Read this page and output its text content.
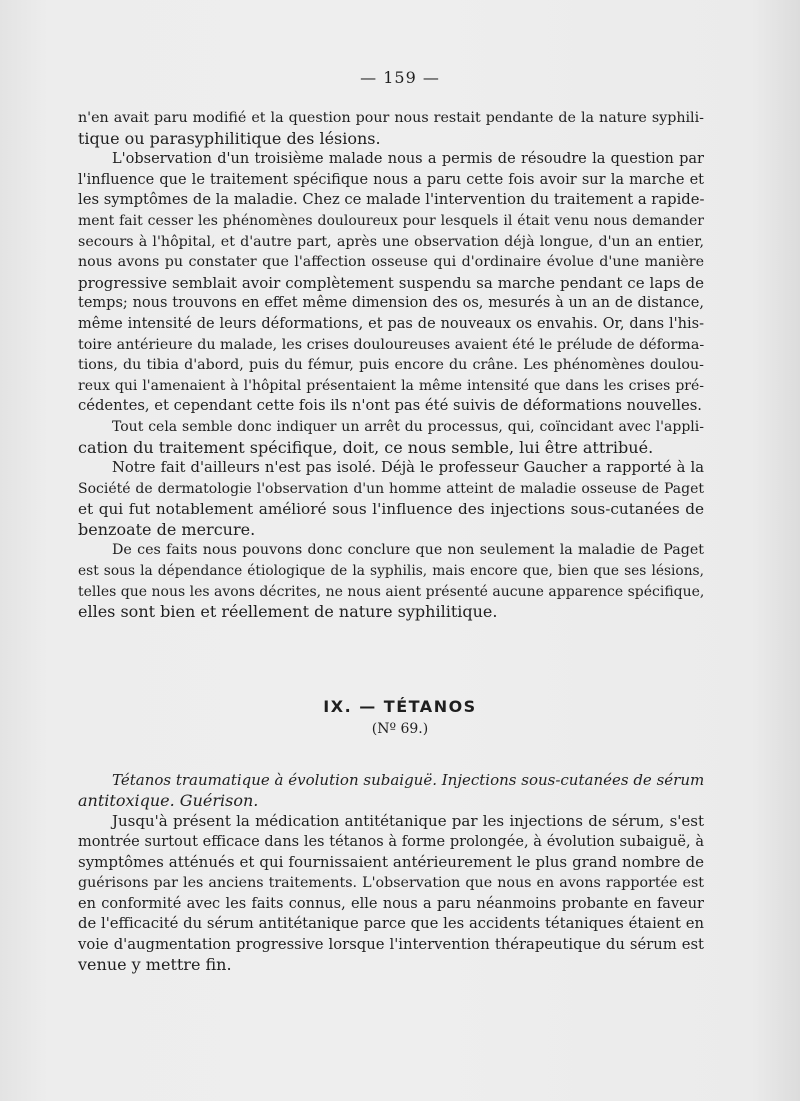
— 159 —
n'en avait paru modifié et la question pour nous restait pendante de la nature syphili-
tique ou parasyphilitique des lésions.
L'observation d'un troisième malade nous a permis de résoudre la question par
l'influence que le traitement spécifique nous a paru cette fois avoir sur la marche et
les symptômes de la maladie. Chez ce malade l'intervention du traitement a rapide-
ment fait cesser les phénomènes douloureux pour lesquels il était venu nous demander
secours à l'hôpital, et d'autre part, après une observation déjà longue, d'un an entier,
nous avons pu constater que l'affection osseuse qui d'ordinaire évolue d'une manière
progressive semblait avoir complètement suspendu sa marche pendant ce laps de
temps; nous trouvons en effet même dimension des os, mesurés à un an de distance,
même intensité de leurs déformations, et pas de nouveaux os envahis. Or, dans l'his-
toire antérieure du malade, les crises douloureuses avaient été le prélude de déforma-
tions, du tibia d'abord, puis du fémur, puis encore du crâne. Les phénomènes doulou-
reux qui l'amenaient à l'hôpital présentaient la même intensité que dans les crises pré-
cédentes, et cependant cette fois ils n'ont pas été suivis de déformations nouvelles.
Tout cela semble donc indiquer un arrêt du processus, qui, coïncidant avec l'appli-
cation du traitement spécifique, doit, ce nous semble, lui être attribué.
Notre fait d'ailleurs n'est pas isolé. Déjà le professeur Gaucher a rapporté à la
Société de dermatologie l'observation d'un homme atteint de maladie osseuse de Paget
et qui fut notablement amélioré sous l'influence des injections sous-cutanées de
benzoate de mercure.
De ces faits nous pouvons donc conclure que non seulement la maladie de Paget
est sous la dépendance étiologique de la syphilis, mais encore que, bien que ses lésions,
telles que nous les avons décrites, ne nous aient présenté aucune apparence spécifique,
elles sont bien et réellement de nature syphilitique.
IX. — TÉTANOS
(Nº 69.)
Tétanos traumatique à évolution subaiguë. Injections sous-cutanées de sérum
antitoxique. Guérison.
Jusqu'à présent la médication antitétanique par les injections de sérum, s'est
montrée surtout efficace dans les tétanos à forme prolongée, à évolution subaiguë, à
symptômes atténués et qui fournissaient antérieurement le plus grand nombre de
guérisons par les anciens traitements. L'observation que nous en avons rapportée est
en conformité avec les faits connus, elle nous a paru néanmoins probante en faveur
de l'efficacité du sérum antitétanique parce que les accidents tétaniques étaient en
voie d'augmentation progressive lorsque l'intervention thérapeutique du sérum est
venue y mettre fin.
